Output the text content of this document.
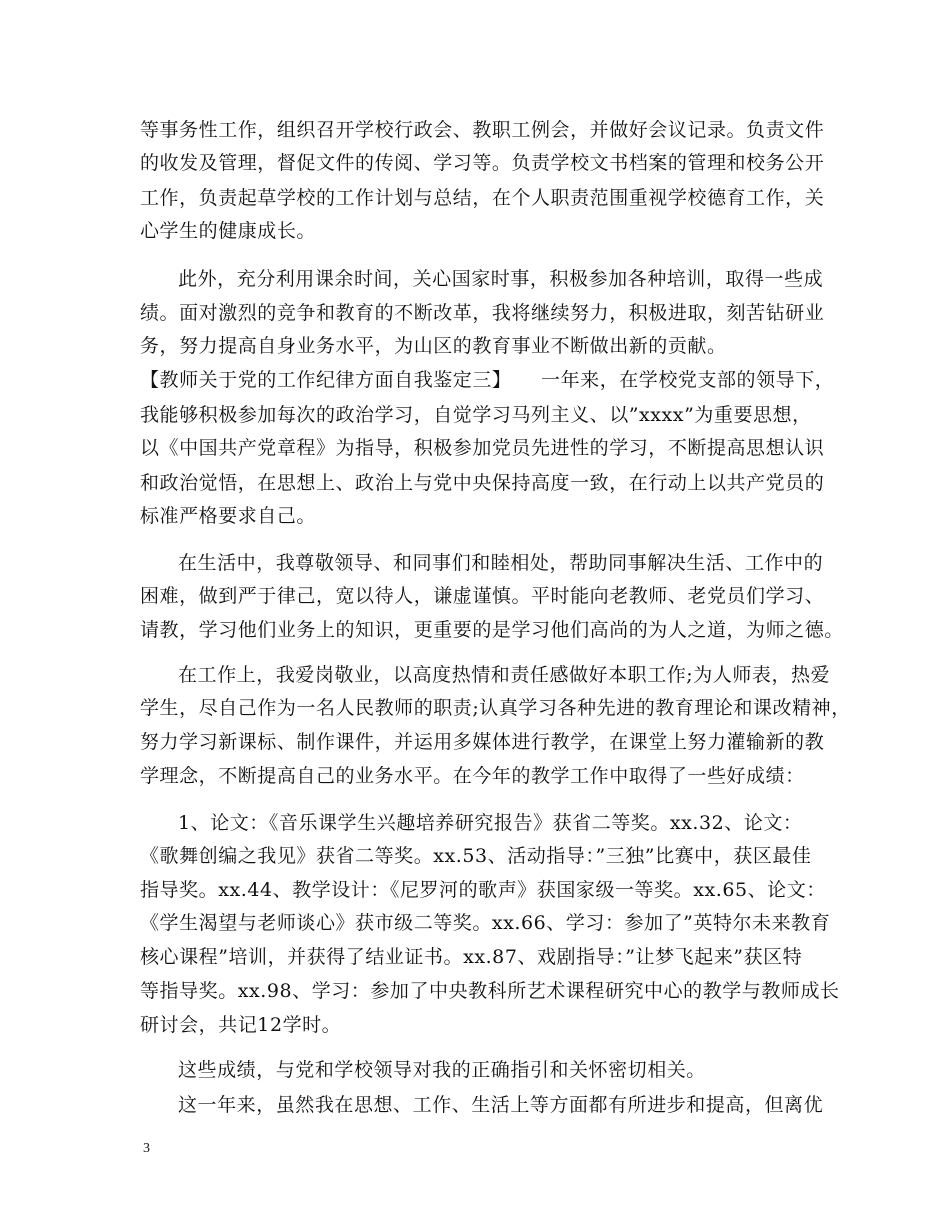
等事务性工作，组织召开学校行政会、教职工例会，并做好会议记录。负责文件
的收发及管理，督促文件的传阅、学习等。负责学校文书档案的管理和校务公开
工作，负责起草学校的工作计划与总结，在个人职责范围重视学校德育工作，关
心学生的健康成长。
此外，充分利用课余时间，关心国家时事，积极参加各种培训，取得一些成
绩。面对激烈的竞争和教育的不断改革，我将继续努力，积极进取，刻苦钻研业
务，努力提高自身业务水平，为山区的教育事业不断做出新的贡献。
【教师关于党的工作纪律方面自我鉴定三】　　一年来，在学校党支部的领导下，
我能够积极参加每次的政治学习，自觉学习马列主义、以”xxxx”为重要思想，
以《中国共产党章程》为指导，积极参加党员先进性的学习，不断提高思想认识
和政治觉悟，在思想上、政治上与党中央保持高度一致，在行动上以共产党员的
标准严格要求自己。
在生活中，我尊敬领导、和同事们和睦相处，帮助同事解决生活、工作中的
困难，做到严于律己，宽以待人，谦虚谨慎。平时能向老教师、老党员们学习、
请教，学习他们业务上的知识，更重要的是学习他们高尚的为人之道，为师之德。
在工作上，我爱岗敬业，以高度热情和责任感做好本职工作;为人师表，热爱
学生，尽自己作为一名人民教师的职责;认真学习各种先进的教育理论和课改精神，
努力学习新课标、制作课件，并运用多媒体进行教学，在课堂上努力灌输新的教
学理念，不断提高自己的业务水平。在今年的教学工作中取得了一些好成绩：
1、论文：《音乐课学生兴趣培养研究报告》获省二等奖。xx.32、论文：
《歌舞创编之我见》获省二等奖。xx.53、活动指导：”三独”比赛中，获区最佳
指导奖。xx.44、教学设计：《尼罗河的歌声》获国家级一等奖。xx.65、论文：
《学生渴望与老师谈心》获市级二等奖。xx.66、学习：参加了”英特尔未来教育
核心课程”培训，并获得了结业证书。xx.87、戏剧指导：”让梦飞起来”获区特
等指导奖。xx.98、学习：参加了中央教科所艺术课程研究中心的教学与教师成长
研讨会，共记12学时。
这些成绩，与党和学校领导对我的正确指引和关怀密切相关。
这一年来，虽然我在思想、工作、生活上等方面都有所进步和提高，但离优
3
